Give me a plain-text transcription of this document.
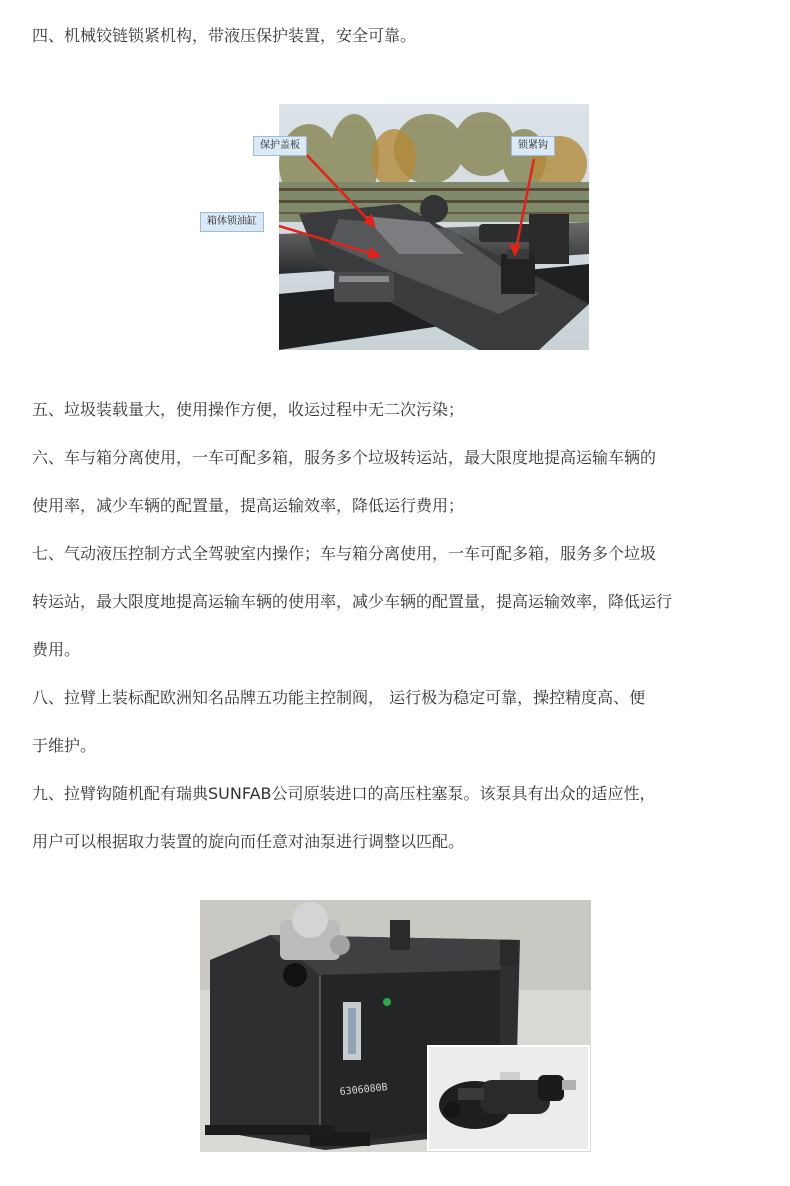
四、机械铰链锁紧机构，带液压保护装置，安全可靠。

保护盖板	锁紧钩
箱体锁油缸

五、垃圾装载量大，使用操作方便，收运过程中无二次污染；

六、车与箱分离使用，一车可配多箱，服务多个垃圾转运站，最大限度地提高运输车辆的

使用率，减少车辆的配置量，提高运输效率，降低运行费用；

七、气动液压控制方式全驾驶室内操作；车与箱分离使用，一车可配多箱，服务多个垃圾

转运站，最大限度地提高运输车辆的使用率，减少车辆的配置量，提高运输效率，降低运行

费用。

八、拉臂上装标配欧洲知名品牌五功能主控制阀， 运行极为稳定可靠，操控精度高、便

于维护。

九、拉臂钩随机配有瑞典SUNFAB公司原装进口的高压柱塞泵。该泵具有出众的适应性，

用户可以根据取力装置的旋向而任意对油泵进行调整以匹配。

6306080B
